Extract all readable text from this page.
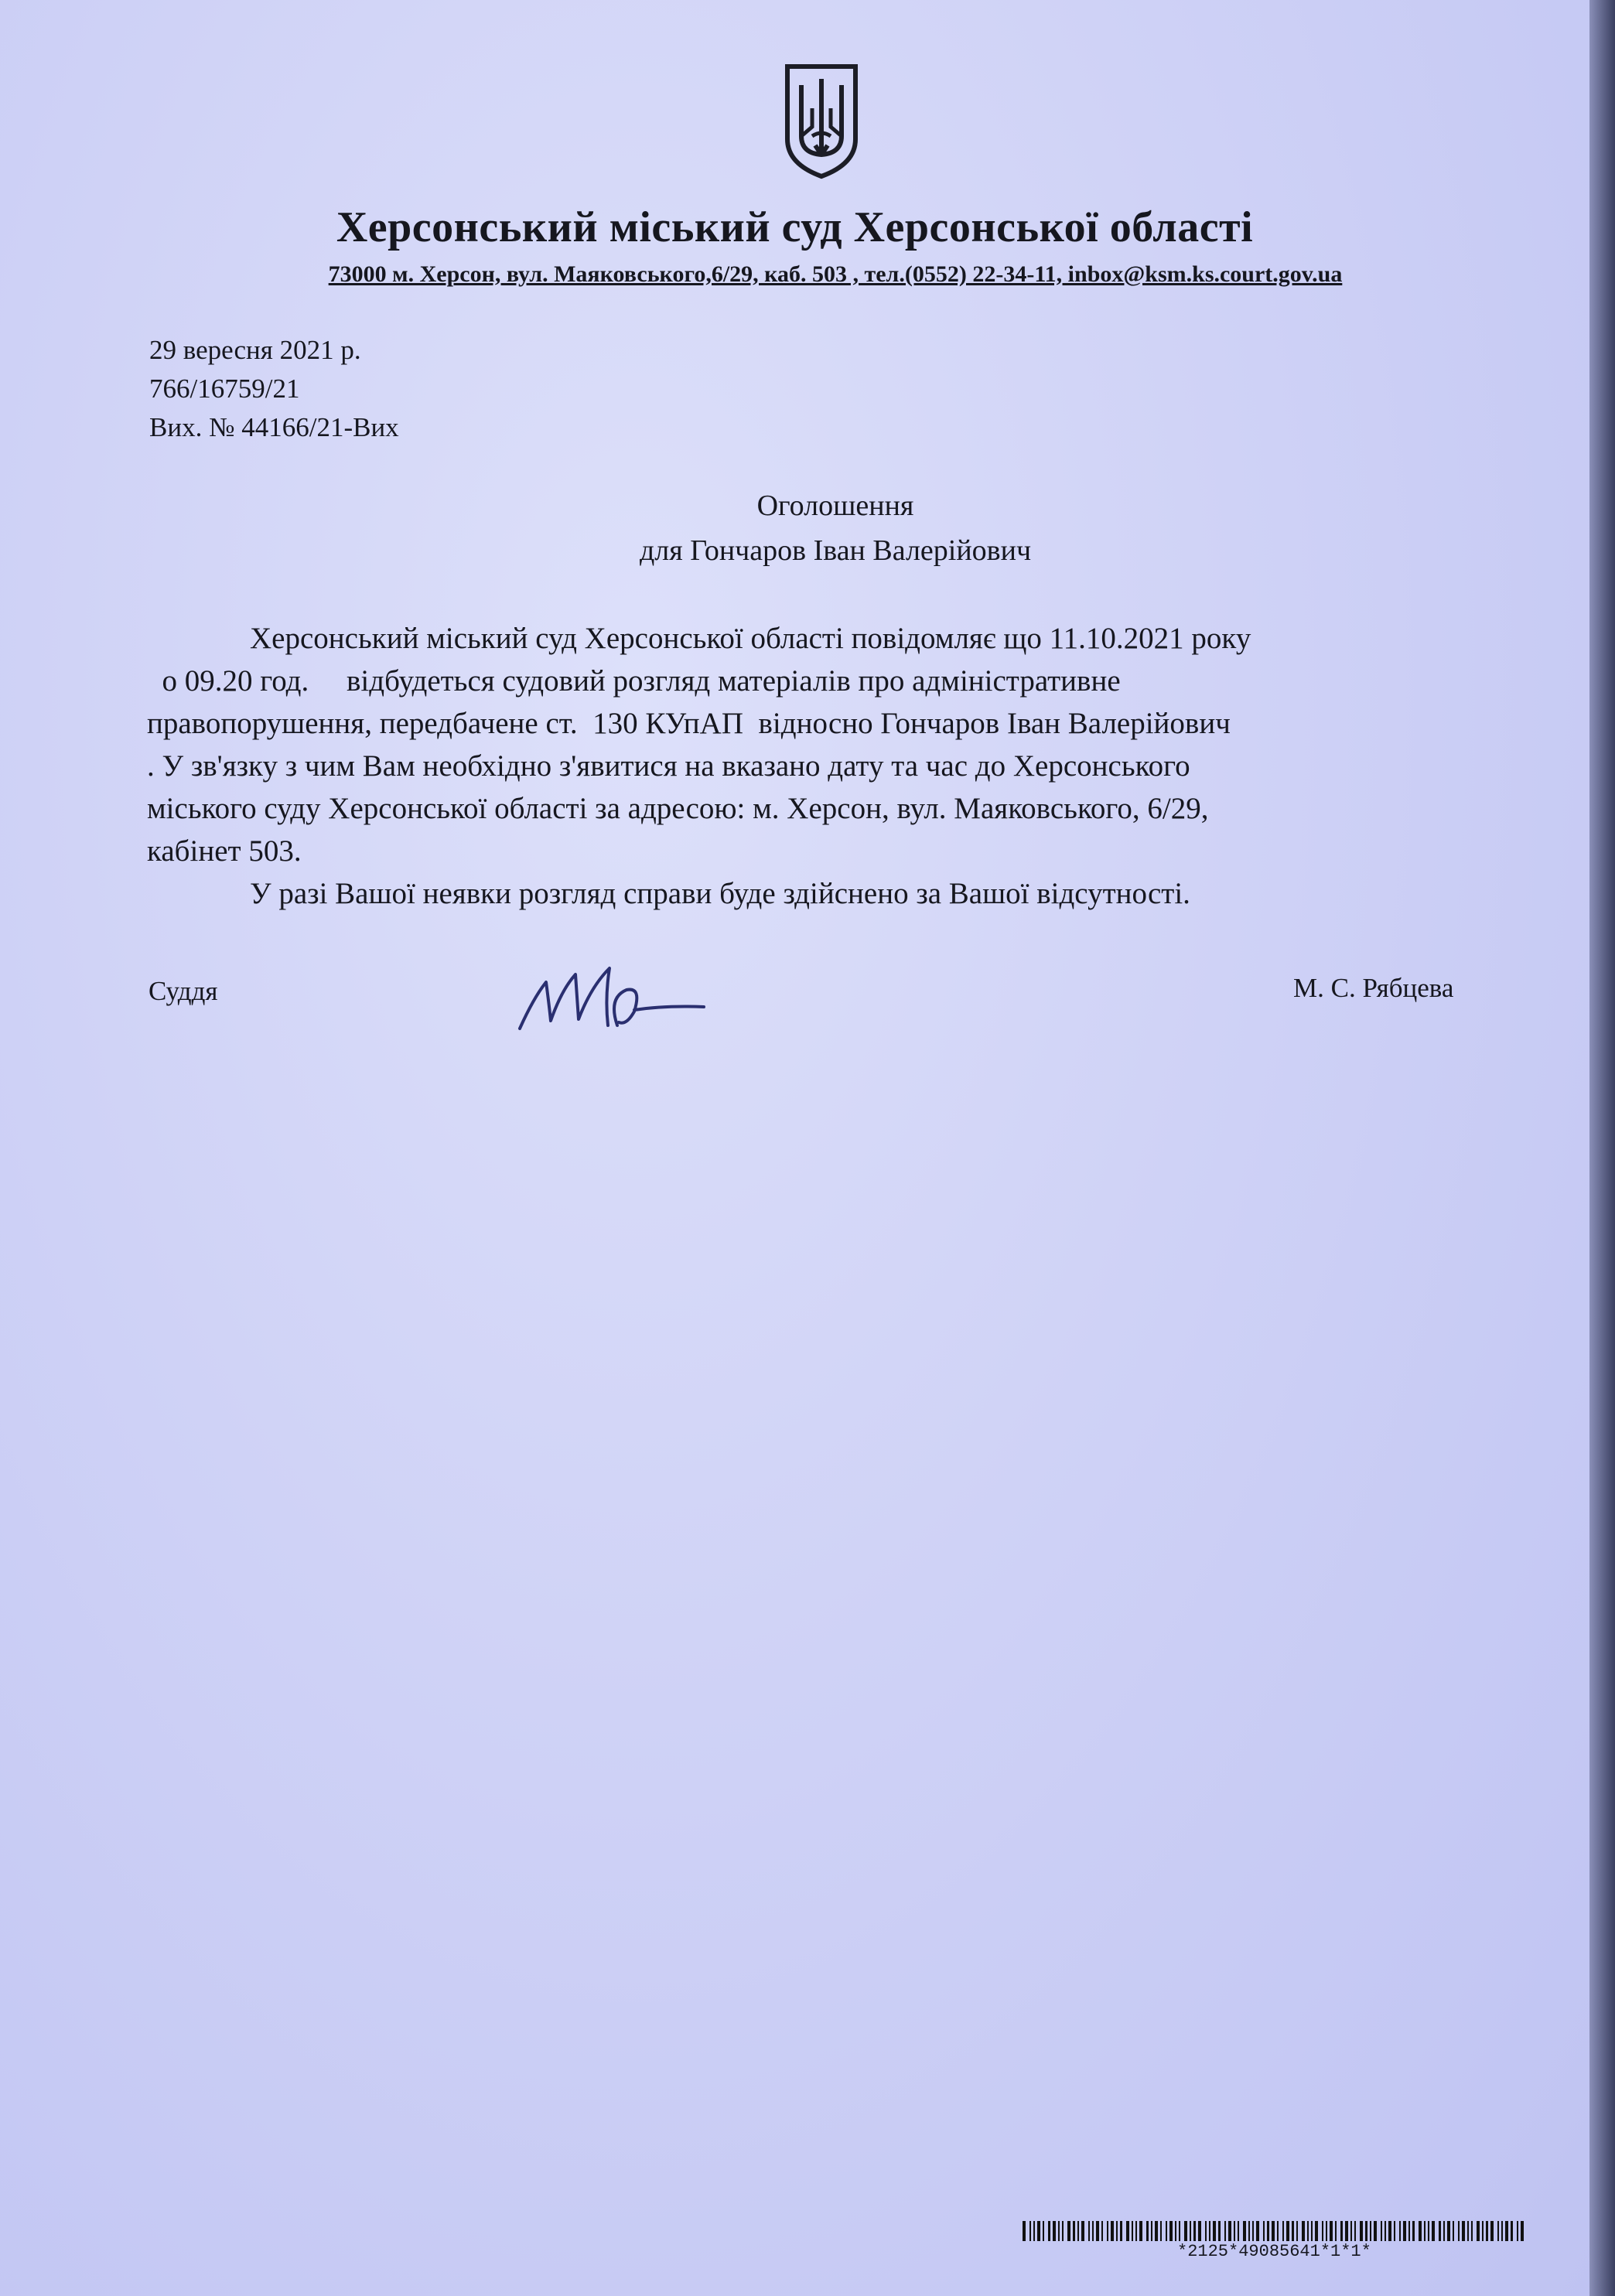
Херсонський міський суд Херсонської області
73000 м. Херсон, вул. Маяковського,6/29, каб. 503 , тел.(0552) 22-34-11, inbox@ksm.ks.court.gov.ua
29 вересня 2021 р.
766/16759/21
Вих. № 44166/21-Вих
Оголошення
для Гончаров Іван Валерійович
Херсонський міський суд Херсонської області повідомляє що 11.10.2021 року
о 09.20 год.     відбудеться судовий розгляд матеріалів про адміністративне
правопорушення, передбачене ст.  130 КУпАП  відносно Гончаров Іван Валерійович
. У зв'язку з чим Вам необхідно з'явитися на вказано дату та час до Херсонського
міського суду Херсонської області за адресою: м. Херсон, вул. Маяковського, 6/29,
кабінет 503.
У разі Вашої неявки розгляд справи буде здійснено за Вашої відсутності.
Суддя	М. С. Рябцева
*2125*49085641*1*1*
